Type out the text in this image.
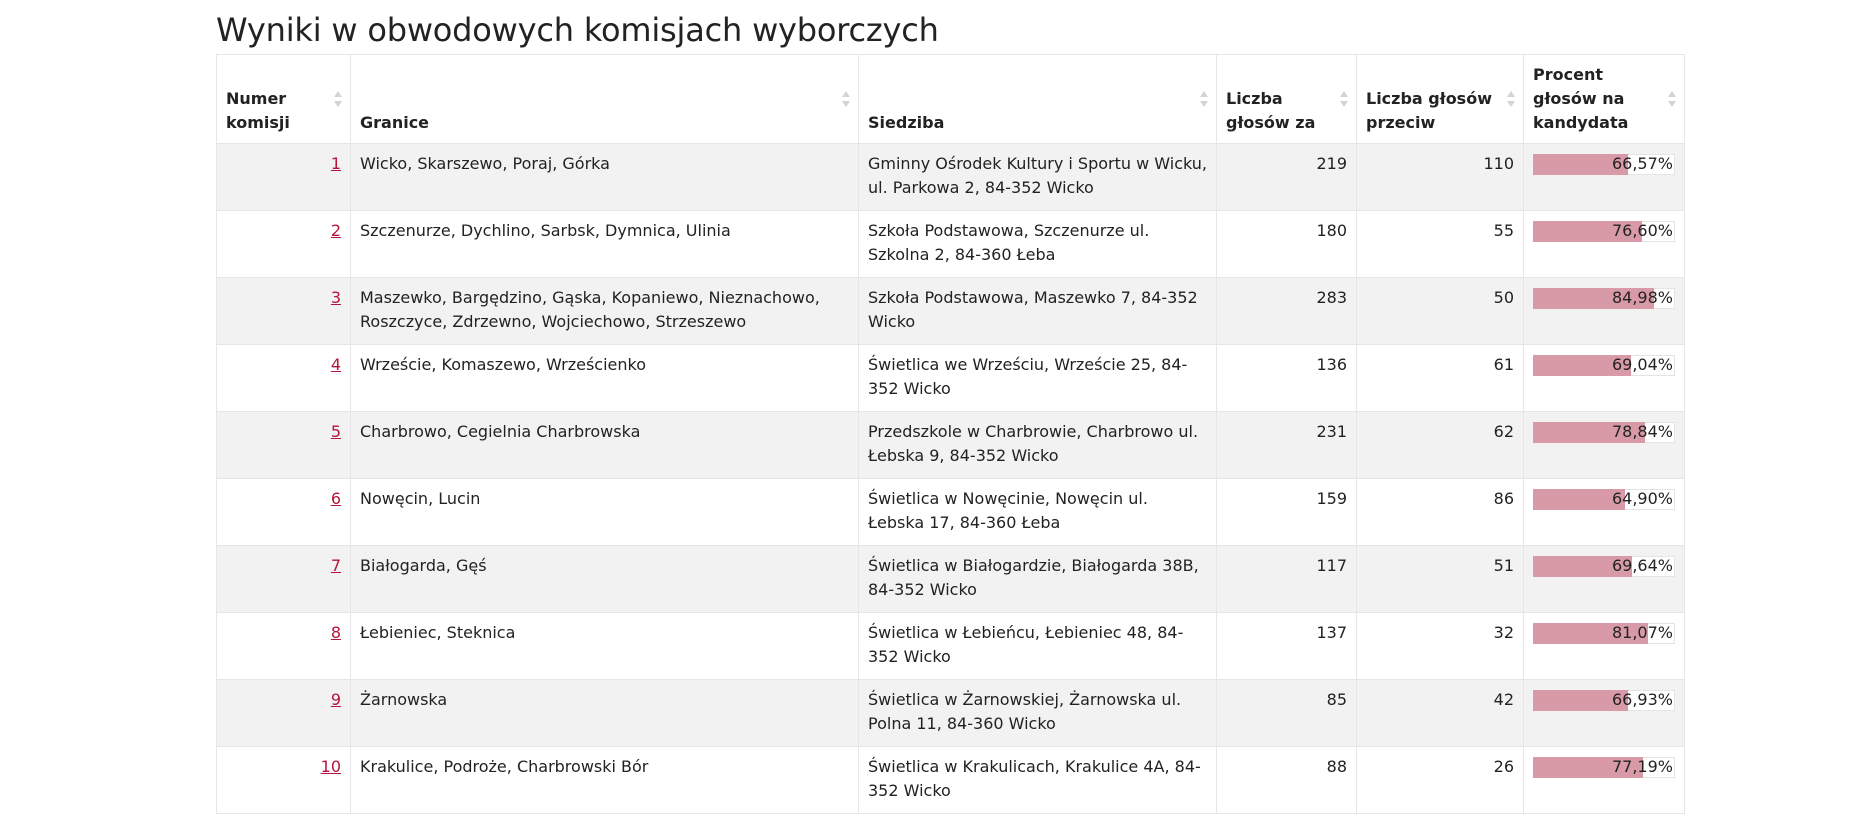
Wyniki w obwodowych komisjach wyborczych
Numer komisji	Granice	Siedziba	Liczba głosów za	Liczba głosów przeciw	Procent głosów na kandydata

1	Wicko, Skarszewo, Poraj, Górka	Gminny Ośrodek Kultury i Sportu w Wicku, ul. Parkowa 2, 84-352 Wicko	219	110	66,57%

2	Szczenurze, Dychlino, Sarbsk, Dymnica, Ulinia	Szkoła Podstawowa, Szczenurze ul. Szkolna 2, 84-360 Łeba	180	55	76,60%

3	Maszewko, Bargędzino, Gąska, Kopaniewo, Nieznachowo, Roszczyce, Zdrzewno, Wojciechowo, Strzeszewo	Szkoła Podstawowa, Maszewko 7, 84-352 Wicko	283	50	84,98%

4	Wrzeście, Komaszewo, Wrześcienko	Świetlica we Wrześciu, Wrzeście 25, 84-352 Wicko	136	61	69,04%

5	Charbrowo, Cegielnia Charbrowska	Przedszkole w Charbrowie, Charbrowo ul. Łebska 9, 84-352 Wicko	231	62	78,84%

6	Nowęcin, Lucin	Świetlica w Nowęcinie, Nowęcin ul. Łebska 17, 84-360 Łeba	159	86	64,90%

7	Białogarda, Gęś	Świetlica w Białogardzie, Białogarda 38B, 84-352 Wicko	117	51	69,64%

8	Łebieniec, Steknica	Świetlica w Łebieńcu, Łebieniec 48, 84-352 Wicko	137	32	81,07%

9	Żarnowska	Świetlica w Żarnowskiej, Żarnowska ul. Polna 11, 84-360 Wicko	85	42	66,93%

10	Krakulice, Podroże, Charbrowski Bór	Świetlica w Krakulicach, Krakulice 4A, 84-352 Wicko	88	26	77,19%
